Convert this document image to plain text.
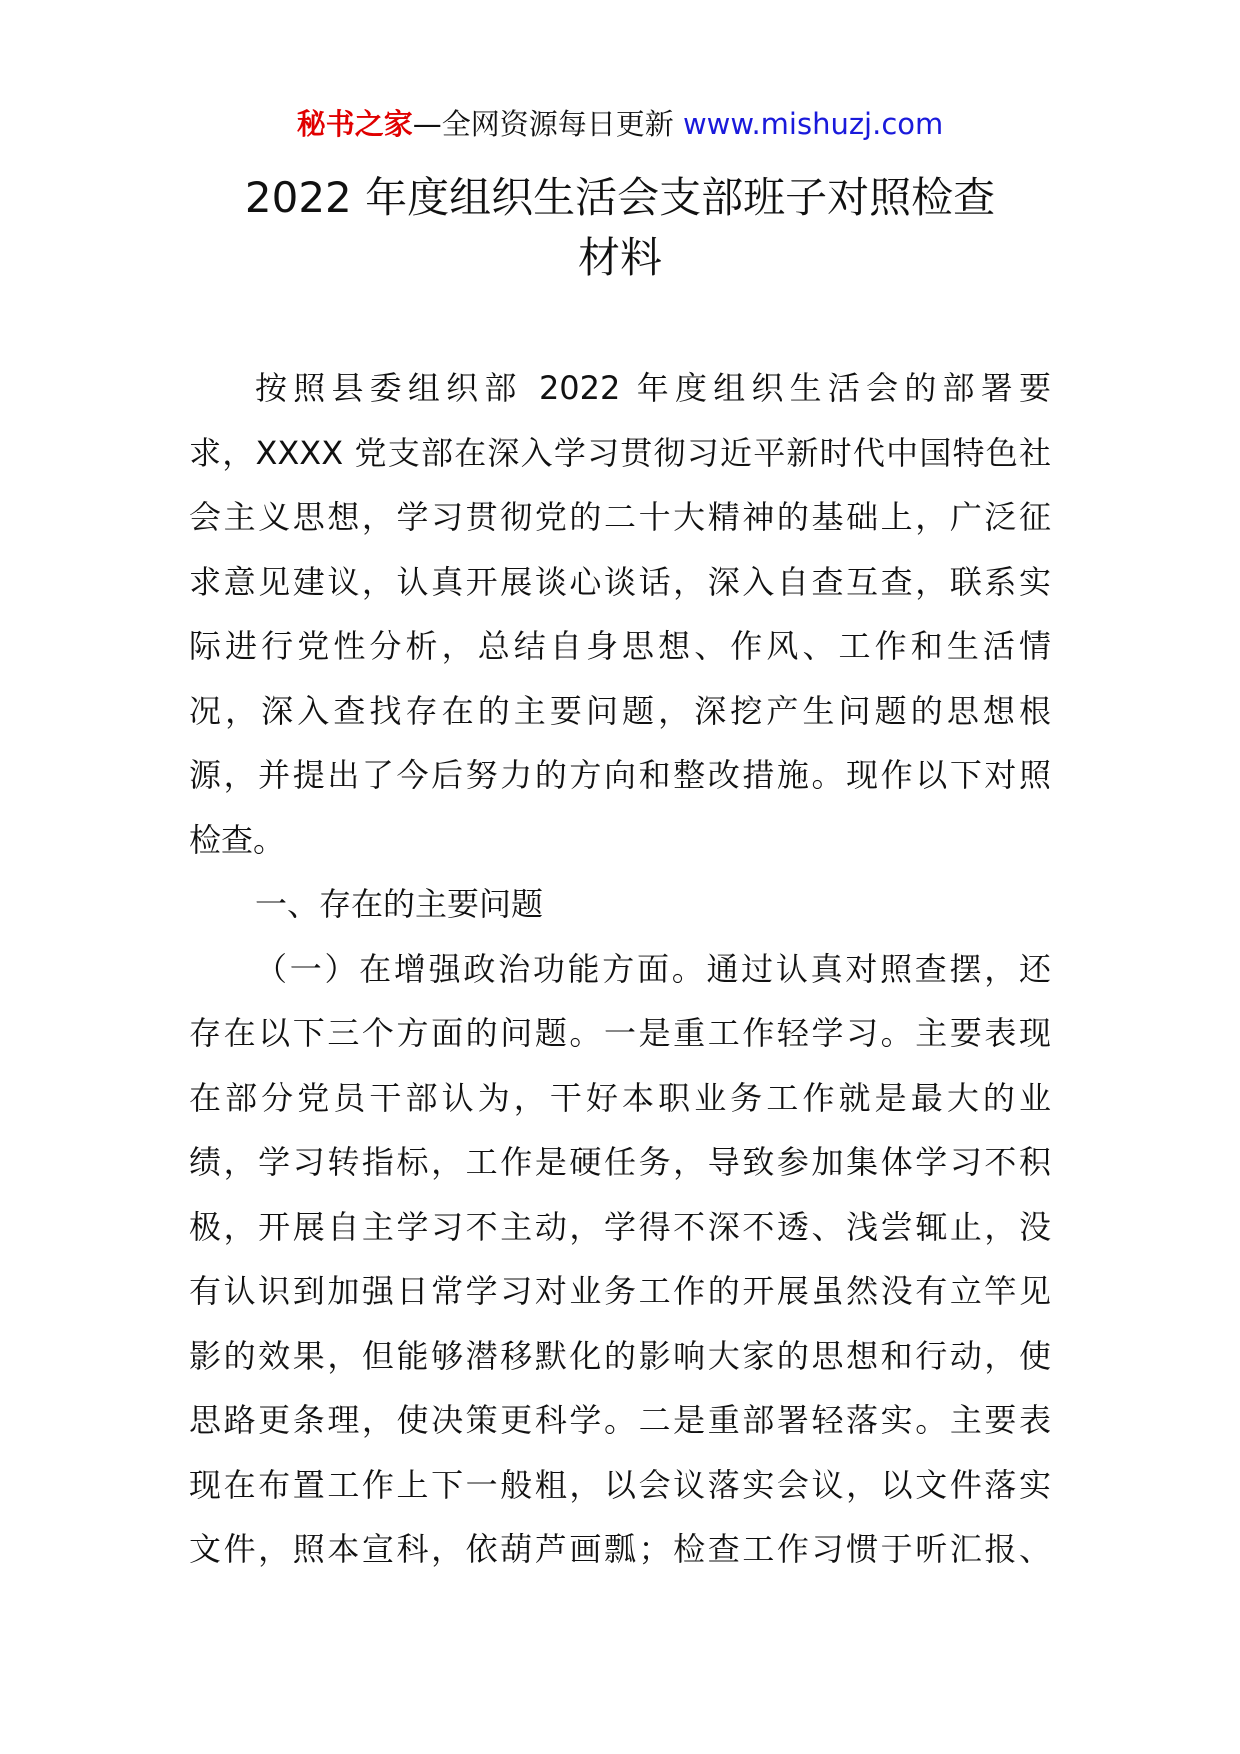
秘书之家—全网资源每日更新 www.mishuzj.com
2022 年度组织生活会支部班子对照检查
材料
按照县委组织部 2022 年度组织生活会的部署要
求，XXXX 党支部在深入学习贯彻习近平新时代中国特色社
会主义思想，学习贯彻党的二十大精神的基础上，广泛征
求意见建议，认真开展谈心谈话，深入自查互查，联系实
际进行党性分析，总结自身思想、作风、工作和生活情
况，深入查找存在的主要问题，深挖产生问题的思想根
源，并提出了今后努力的方向和整改措施。现作以下对照
检查。
一、存在的主要问题
（一）在增强政治功能方面。通过认真对照查摆，还
存在以下三个方面的问题。一是重工作轻学习。主要表现
在部分党员干部认为，干好本职业务工作就是最大的业
绩，学习转指标，工作是硬任务，导致参加集体学习不积
极，开展自主学习不主动，学得不深不透、浅尝辄止，没
有认识到加强日常学习对业务工作的开展虽然没有立竿见
影的效果，但能够潜移默化的影响大家的思想和行动，使
思路更条理，使决策更科学。二是重部署轻落实。主要表
现在布置工作上下一般粗，以会议落实会议，以文件落实
文件，照本宣科，依葫芦画瓢；检查工作习惯于听汇报、
